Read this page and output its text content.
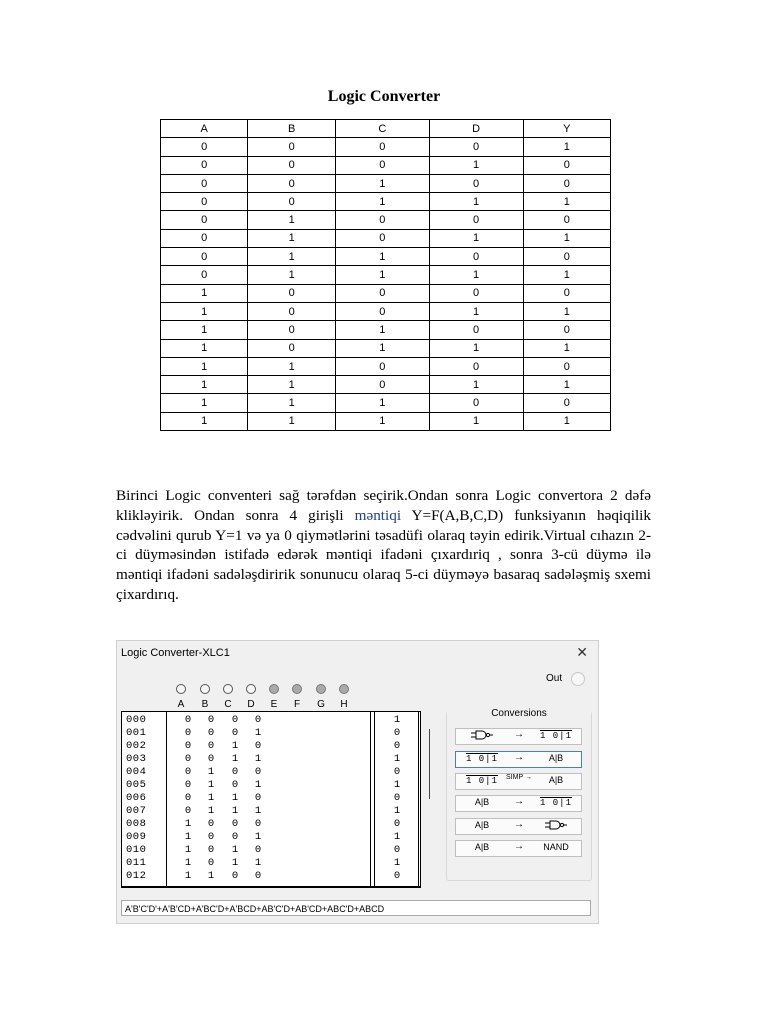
Logic Converter
A	B	C	D	Y
0	0	0	0	1
0	0	0	1	0
0	0	1	0	0
0	0	1	1	1
0	1	0	0	0
0	1	0	1	1
0	1	1	0	0
0	1	1	1	1
1	0	0	0	0
1	0	0	1	1
1	0	1	0	0
1	0	1	1	1
1	1	0	0	0
1	1	0	1	1
1	1	1	0	0
1	1	1	1	1
Birinci Logic conventeri sağ tərəfdən seçirik.Ondan sonra Logic convertora 2 dəfə klikləyirik. Ondan sonra 4 girişli məntiqi Y=F(A,B,C,D) funksiyanın həqiqilik cədvəlini qurub Y=1 və ya 0 qiymətlərini təsadüfi olaraq təyin edirik.Virtual cıhazın 2-ci düyməsindən istifadə edərək məntiqi ifadəni çıxardıriq , sonra 3-cü düymə ilə məntiqi ifadəni sadələşdiririk sonunucu olaraq 5-ci düyməyə basaraq sadələşmiş sxemi çixardırıq.
Logic Converter-XLC1	✕
Out
A B C D E F G H
000	0 0 0 0	1
001	0 0 0 1	0
002	0 0 1 0	0
003	0 0 1 1	1
004	0 1 0 0	0
005	0 1 0 1	1
006	0 1 1 0	0
007	0 1 1 1	1
008	1 0 0 0	0
009	1 0 0 1	1
010	1 0 1 0	0
011	1 0 1 1	1
012	1 1 0 0	0
Conversions
→	1 0|1
1 0|1	→	A|B
1 0|1 SIMP →	A|B
A|B	→	1 0|1
A|B	→
A|B	→	NAND
A'B'C'D'+A'B'CD+A'BC'D+A'BCD+AB'C'D+AB'CD+ABC'D+ABCD
